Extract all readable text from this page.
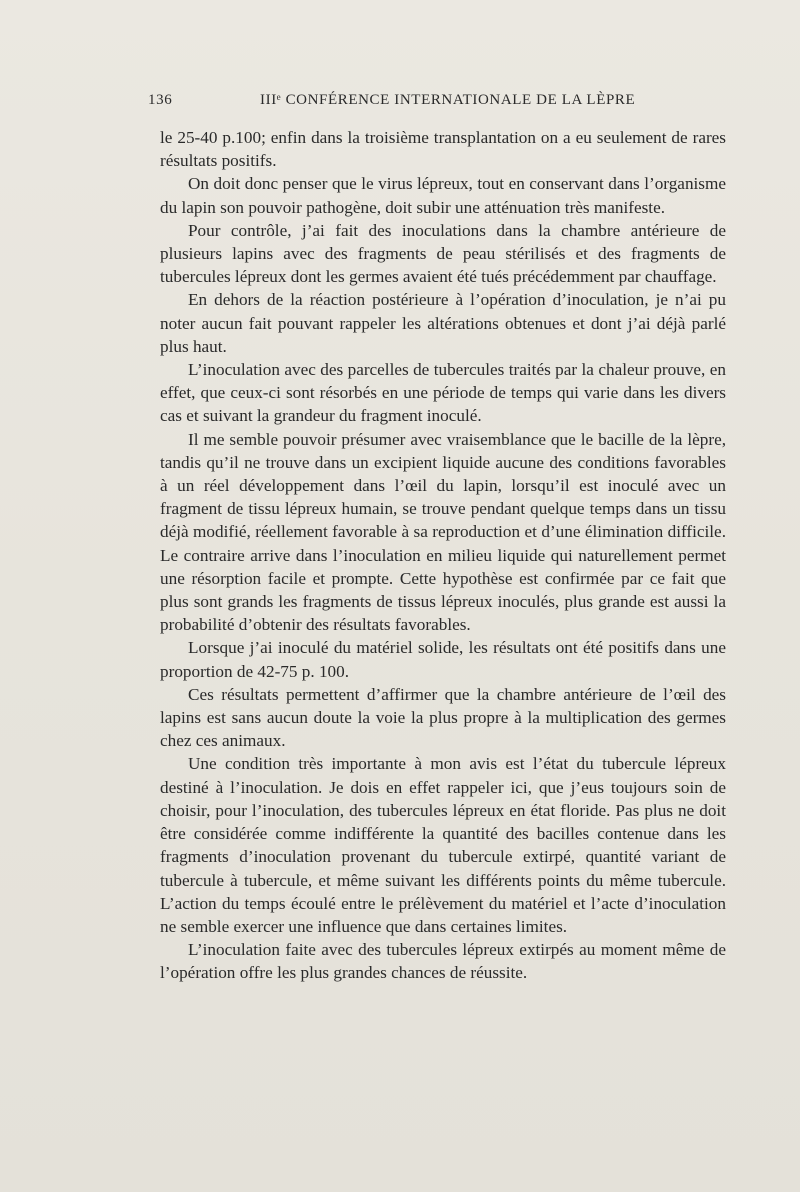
136	IIIᵉ CONFÉRENCE INTERNATIONALE DE LA LÈPRE

le 25-40 p.100; enfin dans la troisième transplantation on a eu seulement de rares résultats positifs.

On doit donc penser que le virus lépreux, tout en conservant dans l’organisme du lapin son pouvoir pathogène, doit subir une atténuation très manifeste.

Pour contrôle, j’ai fait des inoculations dans la chambre antérieure de plusieurs lapins avec des fragments de peau stérilisés et des fragments de tubercules lépreux dont les germes avaient été tués précédemment par chauffage.

En dehors de la réaction postérieure à l’opération d’inoculation, je n’ai pu noter aucun fait pouvant rappeler les altérations obtenues et dont j’ai déjà parlé plus haut.

L’inoculation avec des parcelles de tubercules traités par la chaleur prouve, en effet, que ceux-ci sont résorbés en une période de temps qui varie dans les divers cas et suivant la grandeur du fragment inoculé.

Il me semble pouvoir présumer avec vraisemblance que le bacille de la lèpre, tandis qu’il ne trouve dans un excipient liquide aucune des conditions favorables à un réel développement dans l’œil du lapin, lorsqu’il est inoculé avec un fragment de tissu lépreux humain, se trouve pendant quelque temps dans un tissu déjà modifié, réellement favorable à sa reproduction et d’une élimination difficile. Le contraire arrive dans l’inoculation en milieu liquide qui naturellement permet une résorption facile et prompte. Cette hypothèse est confirmée par ce fait que plus sont grands les fragments de tissus lépreux inoculés, plus grande est aussi la probabilité d’obtenir des résultats favorables.

Lorsque j’ai inoculé du matériel solide, les résultats ont été positifs dans une proportion de 42-75 p. 100.

Ces résultats permettent d’affirmer que la chambre antérieure de l’œil des lapins est sans aucun doute la voie la plus propre à la multiplication des germes chez ces animaux.

Une condition très importante à mon avis est l’état du tubercule lépreux destiné à l’inoculation. Je dois en effet rappeler ici, que j’eus toujours soin de choisir, pour l’inoculation, des tubercules lépreux en état floride. Pas plus ne doit être considérée comme indifférente la quantité des bacilles contenue dans les fragments d’inoculation provenant du tubercule extirpé, quantité variant de tubercule à tubercule, et même suivant les différents points du même tubercule. L’action du temps écoulé entre le prélèvement du matériel et l’acte d’inoculation ne semble exercer une influence que dans certaines limites.

L’inoculation faite avec des tubercules lépreux extirpés au moment même de l’opération offre les plus grandes chances de réussite.
